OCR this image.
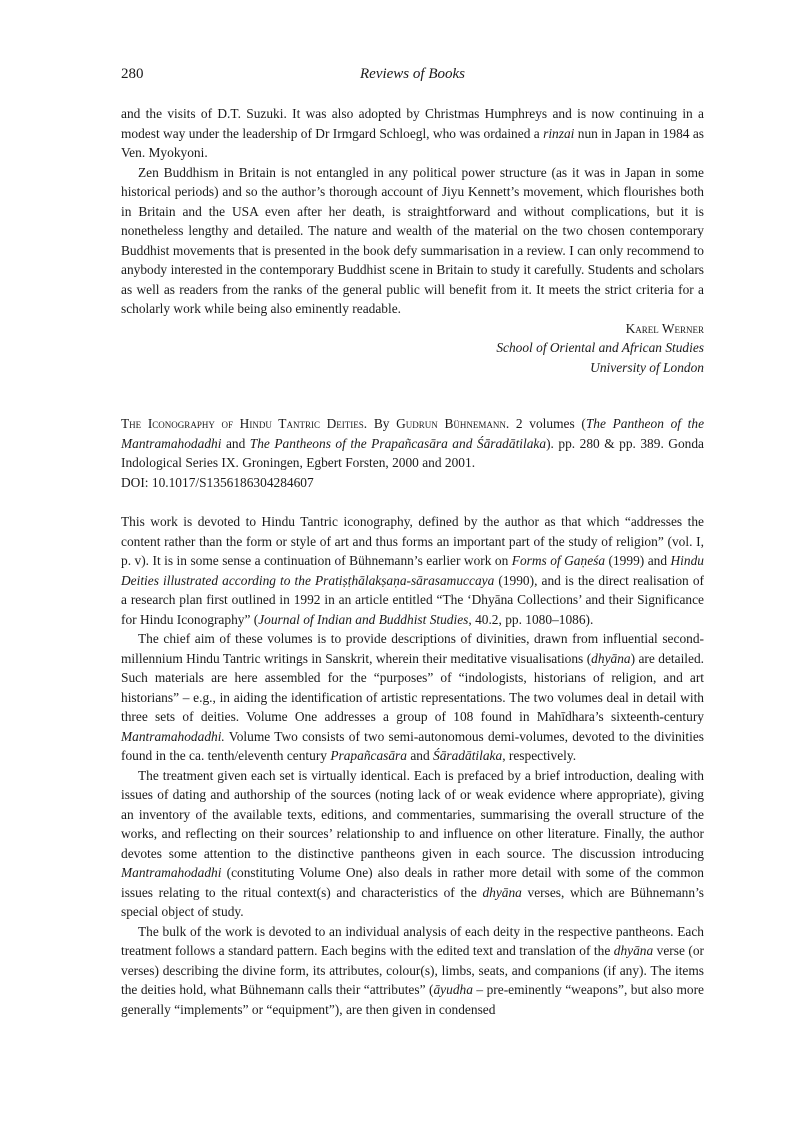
280	Reviews of Books

and the visits of D.T. Suzuki. It was also adopted by Christmas Humphreys and is now continuing in a modest way under the leadership of Dr Irmgard Schloegl, who was ordained a rinzai nun in Japan in 1984 as Ven. Myokyoni.

Zen Buddhism in Britain is not entangled in any political power structure (as it was in Japan in some historical periods) and so the author’s thorough account of Jiyu Kennett’s movement, which flourishes both in Britain and the USA even after her death, is straightforward and without complications, but it is nonetheless lengthy and detailed. The nature and wealth of the material on the two chosen contemporary Buddhist movements that is presented in the book defy summarisation in a review. I can only recommend to anybody interested in the contemporary Buddhist scene in Britain to study it carefully. Students and scholars as well as readers from the ranks of the general public will benefit from it. It meets the strict criteria for a scholarly work while being also eminently readable.

Karel Werner
School of Oriental and African Studies
University of London

The Iconography of Hindu Tantric Deities. By Gudrun Bühnemann. 2 volumes (The Pantheon of the Mantramahodadhi and The Pantheons of the Prapañcasāra and Śāradātilaka). pp. 280 & pp. 389. Gonda Indological Series IX. Groningen, Egbert Forsten, 2000 and 2001.

DOI: 10.1017/S1356186304284607

This work is devoted to Hindu Tantric iconography, defined by the author as that which “addresses the content rather than the form or style of art and thus forms an important part of the study of religion” (vol. I, p. v). It is in some sense a continuation of Bühnemann’s earlier work on Forms of Gaṇeśa (1999) and Hindu Deities illustrated according to the Pratiṣṭhālakṣaṇa-sārasamuccaya (1990), and is the direct realisation of a research plan first outlined in 1992 in an article entitled “The ‘Dhyāna Collections’ and their Significance for Hindu Iconography” (Journal of Indian and Buddhist Studies, 40.2, pp. 1080–1086).

The chief aim of these volumes is to provide descriptions of divinities, drawn from influential second-millennium Hindu Tantric writings in Sanskrit, wherein their meditative visualisations (dhyāna) are detailed. Such materials are here assembled for the “purposes” of “indologists, historians of religion, and art historians” – e.g., in aiding the identification of artistic representations. The two volumes deal in detail with three sets of deities. Volume One addresses a group of 108 found in Mahīdhara’s sixteenth-century Mantramahodadhi. Volume Two consists of two semi-autonomous demi-volumes, devoted to the divinities found in the ca. tenth/eleventh century Prapañcasāra and Śāradātilaka, respectively.

The treatment given each set is virtually identical. Each is prefaced by a brief introduction, dealing with issues of dating and authorship of the sources (noting lack of or weak evidence where appropriate), giving an inventory of the available texts, editions, and commentaries, summarising the overall structure of the works, and reflecting on their sources’ relationship to and influence on other literature. Finally, the author devotes some attention to the distinctive pantheons given in each source. The discussion introducing Mantramahodadhi (constituting Volume One) also deals in rather more detail with some of the common issues relating to the ritual context(s) and characteristics of the dhyāna verses, which are Bühnemann’s special object of study.

The bulk of the work is devoted to an individual analysis of each deity in the respective pantheons. Each treatment follows a standard pattern. Each begins with the edited text and translation of the dhyāna verse (or verses) describing the divine form, its attributes, colour(s), limbs, seats, and companions (if any). The items the deities hold, what Bühnemann calls their “attributes” (āyudha – pre-eminently “weapons”, but also more generally “implements” or “equipment”), are then given in condensed
